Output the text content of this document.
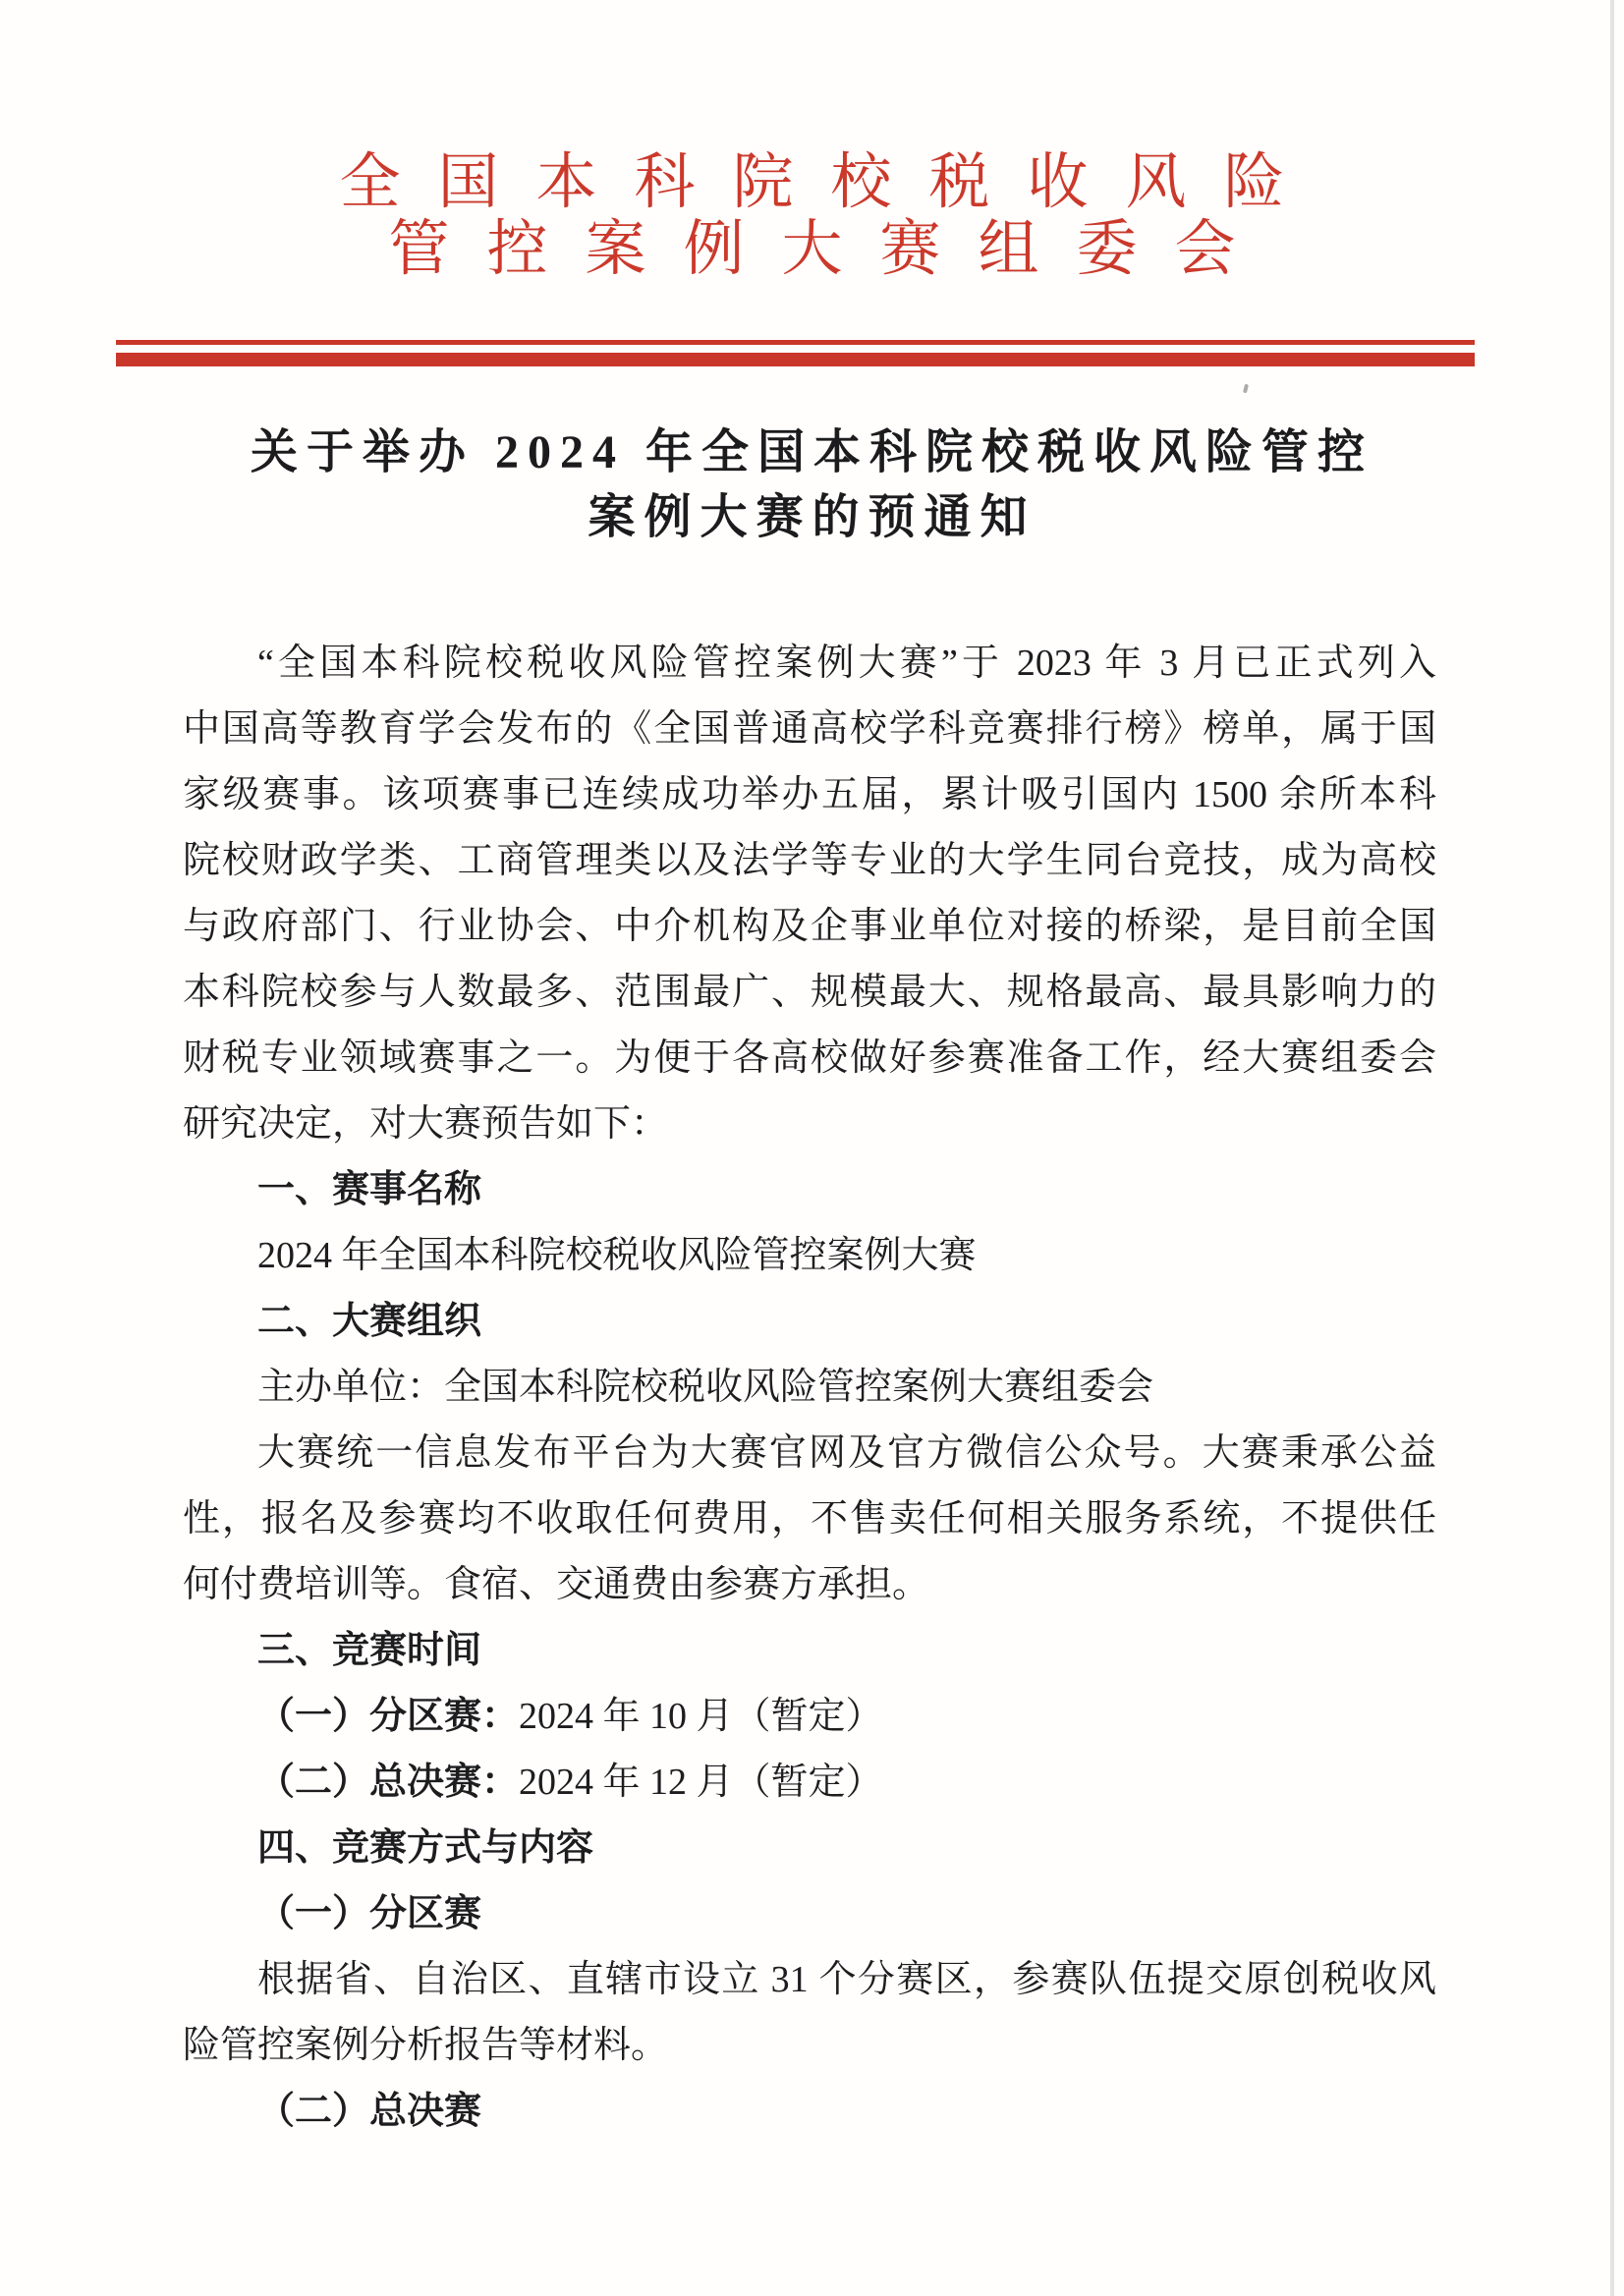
全国本科院校税收风险
管控案例大赛组委会
关于举办 2024 年全国本科院校税收风险管控
案例大赛的预通知
“全国本科院校税收风险管控案例大赛”于 2023 年 3 月已正式列入
中国高等教育学会发布的《全国普通高校学科竞赛排行榜》榜单，属于国
家级赛事。该项赛事已连续成功举办五届，累计吸引国内 1500 余所本科
院校财政学类、工商管理类以及法学等专业的大学生同台竞技，成为高校
与政府部门、行业协会、中介机构及企事业单位对接的桥梁，是目前全国
本科院校参与人数最多、范围最广、规模最大、规格最高、最具影响力的
财税专业领域赛事之一。为便于各高校做好参赛准备工作，经大赛组委会
研究决定，对大赛预告如下：
一、赛事名称
2024 年全国本科院校税收风险管控案例大赛
二、大赛组织
主办单位：全国本科院校税收风险管控案例大赛组委会
大赛统一信息发布平台为大赛官网及官方微信公众号。大赛秉承公益
性，报名及参赛均不收取任何费用，不售卖任何相关服务系统，不提供任
何付费培训等。食宿、交通费由参赛方承担。
三、竞赛时间
（一）分区赛：2024 年 10 月（暂定）
（二）总决赛：2024 年 12 月（暂定）
四、竞赛方式与内容
（一）分区赛
根据省、自治区、直辖市设立 31 个分赛区，参赛队伍提交原创税收风
险管控案例分析报告等材料。
（二）总决赛
